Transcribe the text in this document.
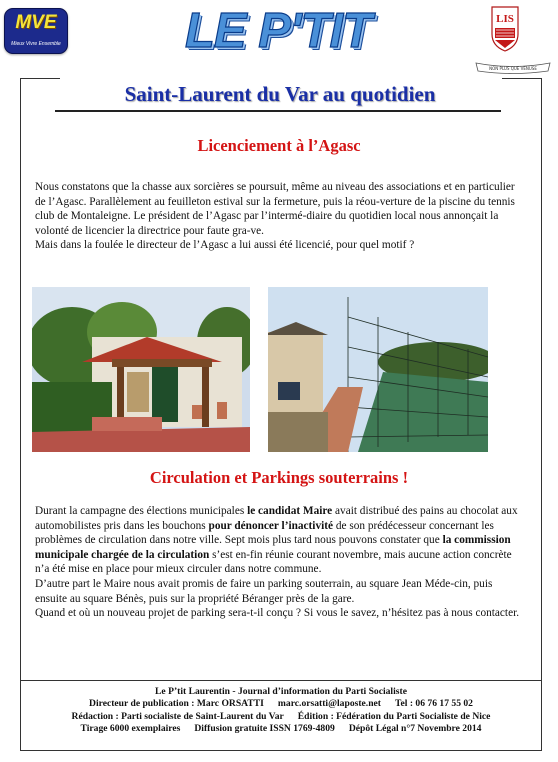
MVE
Mieux Vivre Ensemble	LE P'TIT	LIS
NON PLUS QUE VENUSE
Saint-Laurent du Var au quotidien
Licenciement à l’Agasc

Nous constatons que la chasse aux sorcières se poursuit, même au niveau des associations et en particulier de l’Agasc. Parallèlement au feuilleton estival sur la fermeture, puis la réou-verture de la piscine du tennis club de Montaleigne. Le président de l’Agasc par l’intermé-diaire du quotidien local nous annonçait la volonté de licencier la directrice pour faute gra-ve.

Mais dans la foulée le directeur de l’Agasc a lui aussi été licencié, pour quel motif ?

Circulation et Parkings souterrains !

Durant la campagne des élections municipales le candidat Maire avait distribué des pains au chocolat aux automobilistes pris dans les bouchons pour dénoncer l’inactivité de son prédécesseur concernant les problèmes de circulation dans notre ville. Sept mois plus tard nous pouvons constater que la commission municipale chargée de la circulation s’est en-fin réunie courant novembre, mais aucune action concrète n’a été mise en place pour mieux circuler dans notre commune.

D’autre part le Maire nous avait promis de faire un parking souterrain, au square Jean Méde-cin, puis ensuite au square Bénès, puis sur la propriété Béranger près de la gare.

Quand et où un nouveau projet de parking sera-t-il conçu ? Si vous le savez, n’hésitez pas à nous contacter.

Le P’tit Laurentin - Journal d’information du Parti Socialiste
Directeur de publication : Marc ORSATTI marc.orsatti@laposte.net Tel : 06 76 17 55 02
Rédaction : Parti socialiste de Saint-Laurent du Var Édition : Fédération du Parti Socialiste de Nice
Tirage 6000 exemplaires Diffusion gratuite ISSN 1769-4809 Dépôt Légal n°7 Novembre 2014
